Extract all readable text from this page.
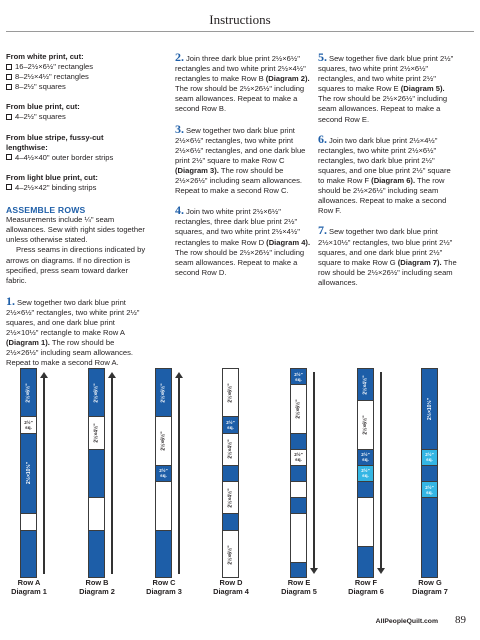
Instructions
From white print, cut:
16–2½×6½" rectangles
8–2½×4½" rectangles
8–2½" squares
From blue print, cut:
4–2½" squares
From blue stripe, fussy-cut lengthwise:
4–4½×40" outer border strips
From light blue print, cut:
4–2½×42" binding strips
ASSEMBLE ROWS

Measurements include ¼" seam allowances. Sew with right sides together unless otherwise stated.

Press seams in directions indicated by arrows on diagrams. If no direction is specified, press seam toward darker fabric.

1. Sew together two dark blue print 2½×6½" rectangles, two white print 2½" squares, and one dark blue print 2½×10½" rectangle to make Row A (Diagram 1). The row should be 2½×26½" including seam allowances. Repeat to make a second Row A.

2. Join three dark blue print 2½×6½" rectangles and two white print 2½×4½" rectangles to make Row B (Diagram 2). The row should be 2½×26½" including seam allowances. Repeat to make a second Row B.

3. Sew together two dark blue print 2½×6½" rectangles, two white print 2½×6½" rectangles, and one dark blue print 2½" square to make Row C (Diagram 3). The row should be 2½×26½" including seam allowances. Repeat to make a second Row C.

4. Join two white print 2½×6½" rectangles, three dark blue print 2½" squares, and two white print 2½×4½" rectangles to make Row D (Diagram 4). The row should be 2½×26½" including seam allowances. Repeat to make a second Row D.

5. Sew together five dark blue print 2½" squares, two white print 2½×6½" rectangles, and two white print 2½" squares to make Row E (Diagram 5). The row should be 2½×26½" including seam allowances. Repeat to make a second Row E.

6. Join two dark blue print 2½×4½" rectangles, two white print 2½×6½" rectangles, two dark blue print 2½" squares, and one blue print 2½" square to make Row F (Diagram 6). The row should be 2½×26½" including seam allowances. Repeat to make a second Row F.

7. Sew together two dark blue print 2½×10½" rectangles, two blue print 2½" squares, and one dark blue print 2½" square to make Row G (Diagram 7). The row should be 2½×26½" including seam allowances.

2½×6½"
2½" sq.
2½×10½"
2½×6½"
2½×4½"
2½×6½"
2½×6½"
2½" sq.
2½×6½"
2½" sq.
2½×4½"
2½×4½"
2½×6½"
2½" sq.
2½×6½"
2½" sq.
2½×4½"
2½×6½"
2½" sq.
2½" sq.
2½×10½"
2½" sq.
2½" sq.
Row A
Diagram 1
Row B
Diagram 2
Row C
Diagram 3
Row D
Diagram 4
Row E
Diagram 5
Row F
Diagram 6
Row G
Diagram 7
AllPeopleQuilt.com 89
